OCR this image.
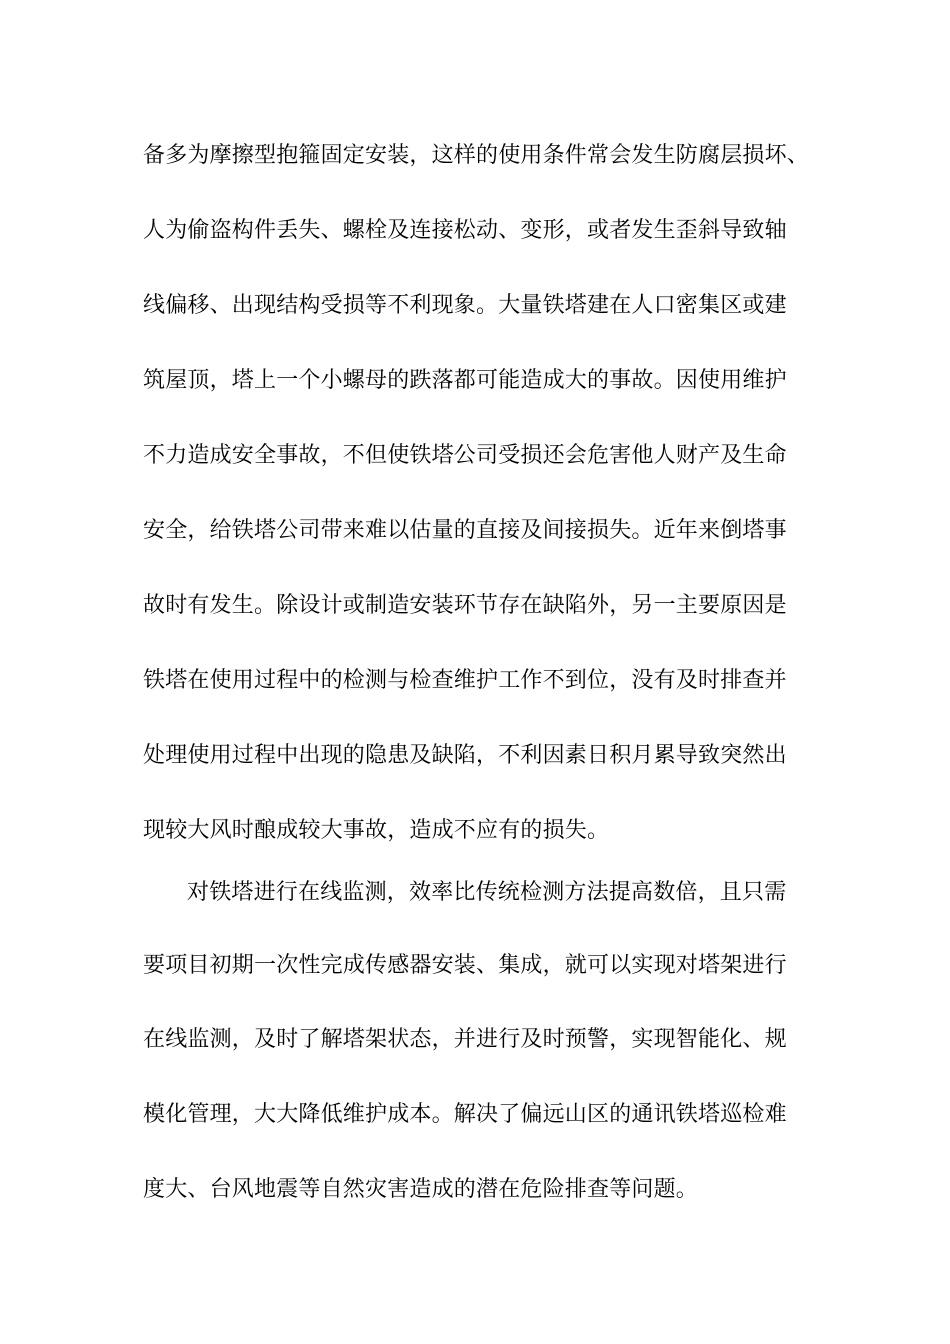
备多为摩擦型抱箍固定安装，这样的使用条件常会发生防腐层损坏、
人为偷盗构件丢失、螺栓及连接松动、变形，或者发生歪斜导致轴
线偏移、出现结构受损等不利现象。大量铁塔建在人口密集区或建
筑屋顶，塔上一个小螺母的跌落都可能造成大的事故。因使用维护
不力造成安全事故，不但使铁塔公司受损还会危害他人财产及生命
安全，给铁塔公司带来难以估量的直接及间接损失。近年来倒塔事
故时有发生。除设计或制造安装环节存在缺陷外，另一主要原因是
铁塔在使用过程中的检测与检查维护工作不到位，没有及时排查并
处理使用过程中出现的隐患及缺陷，不利因素日积月累导致突然出
现较大风时酿成较大事故，造成不应有的损失。
对铁塔进行在线监测，效率比传统检测方法提高数倍，且只需
要项目初期一次性完成传感器安装、集成，就可以实现对塔架进行
在线监测，及时了解塔架状态，并进行及时预警，实现智能化、规
模化管理，大大降低维护成本。解决了偏远山区的通讯铁塔巡检难
度大、台风地震等自然灾害造成的潜在危险排查等问题。
